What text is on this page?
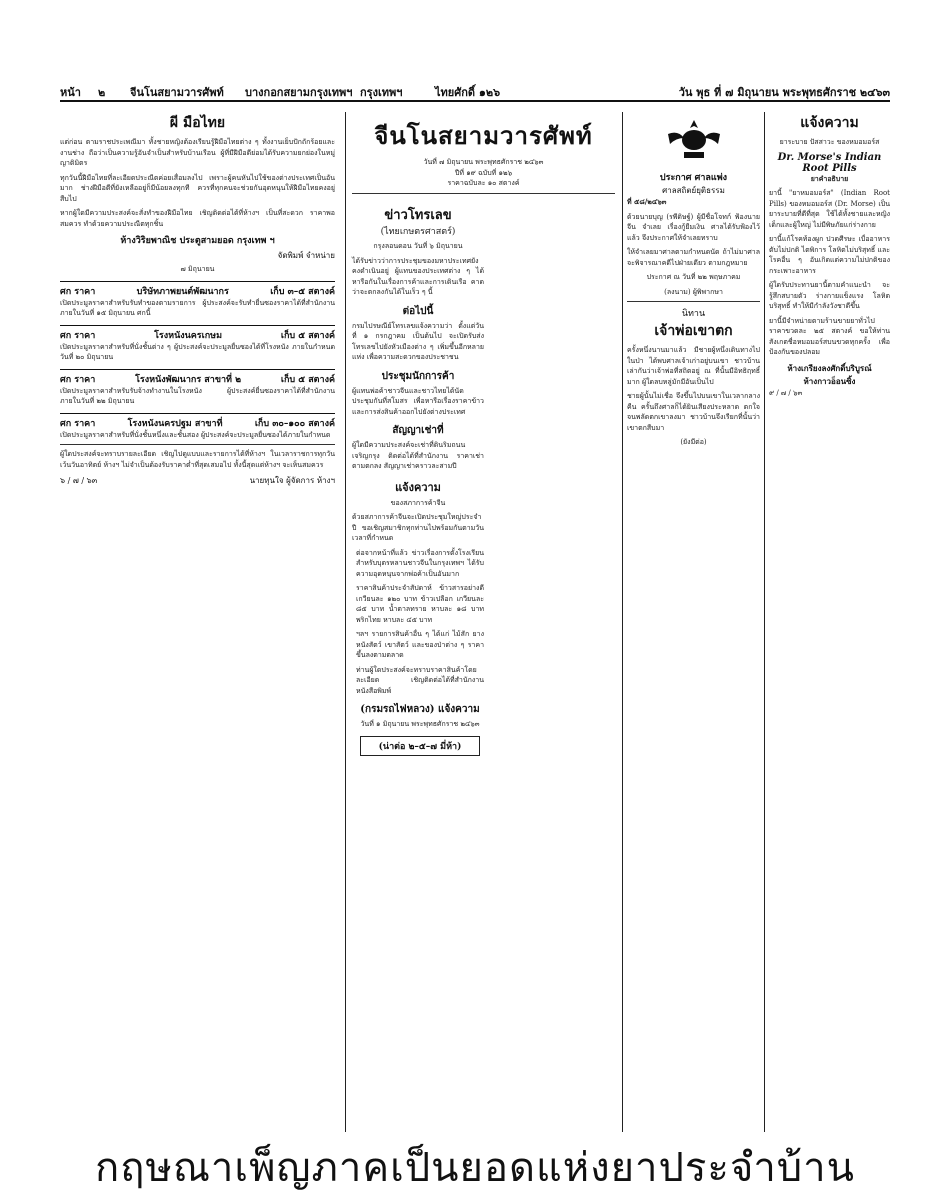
หน้า ๒ จีนโนสยามวารศัพท์ บางกอกสยามกรุงเทพฯ กรุงเทพฯ	ไทยศักดิ์ ๑๒๖	วัน พุธ ที่ ๗ มิถุนายน พระพุทธศักราช ๒๔๖๓
ผี มือไทย

แต่ก่อน ตามราชประเพณีมา ทั้งชายหญิงต้องเรียนรู้ฝีมือไทยต่าง ๆ ทั้งงานเย็บปักถักร้อยและงานช่าง ถือว่าเป็นความรู้อันจำเป็นสำหรับบ้านเรือน ผู้ที่มีฝีมือดีย่อมได้รับความยกย่องในหมู่ญาติมิตร

ทุกวันนี้ฝีมือไทยที่ละเอียดประณีตค่อยเสื่อมลงไป เพราะผู้คนหันไปใช้ของต่างประเทศเป็นอันมาก ช่างฝีมือดีที่ยังเหลืออยู่ก็มีน้อยลงทุกที ควรที่ทุกคนจะช่วยกันอุดหนุนให้ฝีมือไทยคงอยู่สืบไป

หากผู้ใดมีความประสงค์จะสั่งทำของฝีมือไทย เชิญติดต่อได้ที่ห้างฯ เป็นที่สะดวก ราคาพอสมควร ทำด้วยความประณีตทุกชิ้น

ห้างวิริยพาณิช ประตูสามยอด กรุงเทพ ฯ
จัดพิมพ์ จำหน่าย
๗ มิถุนายน
ศก ราคา	บริษัทภาพยนต์พัฒนากร	เก็บ ๓–๕ สตางค์

เปิดประมูลราคาสำหรับรับทำของตามรายการ ผู้ประสงค์จะรับทำยื่นซองราคาได้ที่สำนักงาน ภายในวันที่ ๑๕ มิถุนายน ศกนี้

ศก ราคา	โรงหนังนครเกษม	เก็บ ๕ สตางค์

เปิดประมูลราคาสำหรับที่นั่งชั้นต่าง ๆ ผู้ประสงค์จะประมูลยื่นซองได้ที่โรงหนัง ภายในกำหนดวันที่ ๒๐ มิถุนายน

ศก ราคา	โรงหนังพัฒนากร สาขาที่ ๒	เก็บ ๕ สตางค์

เปิดประมูลราคาสำหรับรับจ้างทำงานในโรงหนัง ผู้ประสงค์ยื่นซองราคาได้ที่สำนักงาน ภายในวันที่ ๒๒ มิถุนายน

ศก ราคา	โรงหนังนครปฐม สาขาที่	เก็บ ๓๐–๑๐๐ สตางค์

เปิดประมูลราคาสำหรับที่นั่งชั้นหนึ่งและชั้นสอง ผู้ประสงค์จะประมูลยื่นซองได้ภายในกำหนด

ผู้ใดประสงค์จะทราบรายละเอียด เชิญไปดูแบบและรายการได้ที่ห้างฯ ในเวลาราชการทุกวัน เว้นวันอาทิตย์ ห้างฯ ไม่จำเป็นต้องรับราคาต่ำที่สุดเสมอไป ทั้งนี้สุดแต่ห้างฯ จะเห็นสมควร

๖ / ๗ / ๖๓	นายทุนใจ ผู้จัดการ ห้างฯ
จีนโนสยามวารศัพท์
วันที่ ๗ มิถุนายน พระพุทธศักราช ๒๔๖๓
ปีที่ ๑๙ ฉบับที่ ๑๒๖
ราคาฉบับละ ๑๐ สตางค์
ข่าวโทรเลข
(ไทยเกษตรศาสตร์)
กรุงลอนดอน วันที่ ๖ มิถุนายน

ได้รับข่าวว่าการประชุมของมหาประเทศยังคงดำเนินอยู่ ผู้แทนของประเทศต่าง ๆ ได้หารือกันในเรื่องการค้าและการเดินเรือ คาดว่าจะตกลงกันได้ในเร็ว ๆ นี้

ต่อไปนี้

กรมไปรษณีย์โทรเลขแจ้งความว่า ตั้งแต่วันที่ ๑ กรกฎาคม เป็นต้นไป จะเปิดรับส่งโทรเลขไปยังหัวเมืองต่าง ๆ เพิ่มขึ้นอีกหลายแห่ง เพื่อความสะดวกของประชาชน

ประชุมนักการค้า

ผู้แทนพ่อค้าชาวจีนและชาวไทยได้นัดประชุมกันที่สโมสร เพื่อหารือเรื่องราคาข้าวและการส่งสินค้าออกไปยังต่างประเทศ

สัญญาเช่าที่

ผู้ใดมีความประสงค์จะเช่าที่ดินริมถนนเจริญกรุง ติดต่อได้ที่สำนักงาน ราคาเช่าตามตกลง สัญญาเช่าคราวละสามปี

แจ้งความ
ของสภาการค้าจีน

ด้วยสภาการค้าจีนจะเปิดประชุมใหญ่ประจำปี ขอเชิญสมาชิกทุกท่านไปพร้อมกันตามวันเวลาที่กำหนด

ต่อจากหน้าที่แล้ว ข่าวเรื่องการตั้งโรงเรียนสำหรับบุตรหลานชาวจีนในกรุงเทพฯ ได้รับความอุดหนุนจากพ่อค้าเป็นอันมาก

ราคาสินค้าประจำสัปดาห์ ข้าวสารอย่างดี เกวียนละ ๑๒๐ บาท ข้าวเปลือก เกวียนละ ๘๕ บาท น้ำตาลทราย หาบละ ๑๘ บาท พริกไทย หาบละ ๔๕ บาท

ฯลฯ รายการสินค้าอื่น ๆ ได้แก่ ไม้สัก ยาง หนังสัตว์ เขาสัตว์ และของป่าต่าง ๆ ราคาขึ้นลงตามตลาด

ท่านผู้ใดประสงค์จะทราบราคาสินค้าโดยละเอียด เชิญติดต่อได้ที่สำนักงานหนังสือพิมพ์

(กรมรถไฟหลวง) แจ้งความ
วันที่ ๑ มิถุนายน พระพุทธศักราช ๒๔๖๓
(น่าต่อ ๒–๕–๗ มี่ห้า)
ประกาศ ศาลแพ่ง
ศาลสถิตย์ยุติธรรม
ที่ ๕๘/๒๔๖๓

ด้วยนายบุญ (รพีดิษฐ์) ผู้มีชื่อโจทก์ ฟ้องนายจีน จำเลย เรื่องกู้ยืมเงิน ศาลได้รับฟ้องไว้แล้ว จึงประกาศให้จำเลยทราบ

ให้จำเลยมาศาลตามกำหนดนัด ถ้าไม่มาศาลจะพิจารณาคดีไปฝ่ายเดียว ตามกฎหมาย

ประกาศ ณ วันที่ ๒๒ พฤษภาคม
(ลงนาม) ผู้พิพากษา
นิทาน
เจ้าพ่อเขาตก

ครั้งหนึ่งนานมาแล้ว มีชายผู้หนึ่งเดินทางไปในป่า ได้พบศาลเจ้าเก่าอยู่บนเขา ชาวบ้านเล่ากันว่าเจ้าพ่อที่สถิตอยู่ ณ ที่นั้นมีอิทธิฤทธิ์มาก ผู้ใดลบหลู่มักมีอันเป็นไป

ชายผู้นั้นไม่เชื่อ จึงขึ้นไปบนเขาในเวลากลางคืน ครั้นถึงศาลก็ได้ยินเสียงประหลาด ตกใจจนพลัดตกเขาลงมา ชาวบ้านจึงเรียกที่นั้นว่าเขาตกสืบมา

(ยังมีต่อ)

แจ้งความ
ยาระบาย ปัสสาวะ ของหมอมอร์ส
Dr. Morse's Indian
Root Pills
ยาคำอธิบาย

ยานี้ "ยาหมอมอร์ส" (Indian Root Pills) ของหมอมอร์ส (Dr. Morse) เป็นยาระบายที่ดีที่สุด ใช้ได้ทั้งชายและหญิง เด็กและผู้ใหญ่ ไม่มีพิษภัยแก่ร่างกาย

ยานี้แก้โรคท้องผูก ปวดศีรษะ เบื่ออาหาร ตับไม่ปกติ ไตพิการ โลหิตไม่บริสุทธิ์ และโรคอื่น ๆ อันเกิดแต่ความไม่ปกติของกระเพาะอาหาร

ผู้ใดรับประทานยานี้ตามคำแนะนำ จะรู้สึกสบายตัว ร่างกายแข็งแรง โลหิตบริสุทธิ์ ทำให้มีกำลังวังชาดีขึ้น

ยานี้มีจำหน่ายตามร้านขายยาทั่วไป ราคาขวดละ ๒๕ สตางค์ ขอให้ท่านสังเกตชื่อหมอมอร์สบนขวดทุกครั้ง เพื่อป้องกันของปลอม

ห้างเกรียงลงศักดิ์บริบูรณ์
ห้างกาวอ็อนซิ้ง
๙ / ๗ / ๖๓
กฤษณาเพ็ญภาคเป็นยอดแห่งยาประจำบ้าน
